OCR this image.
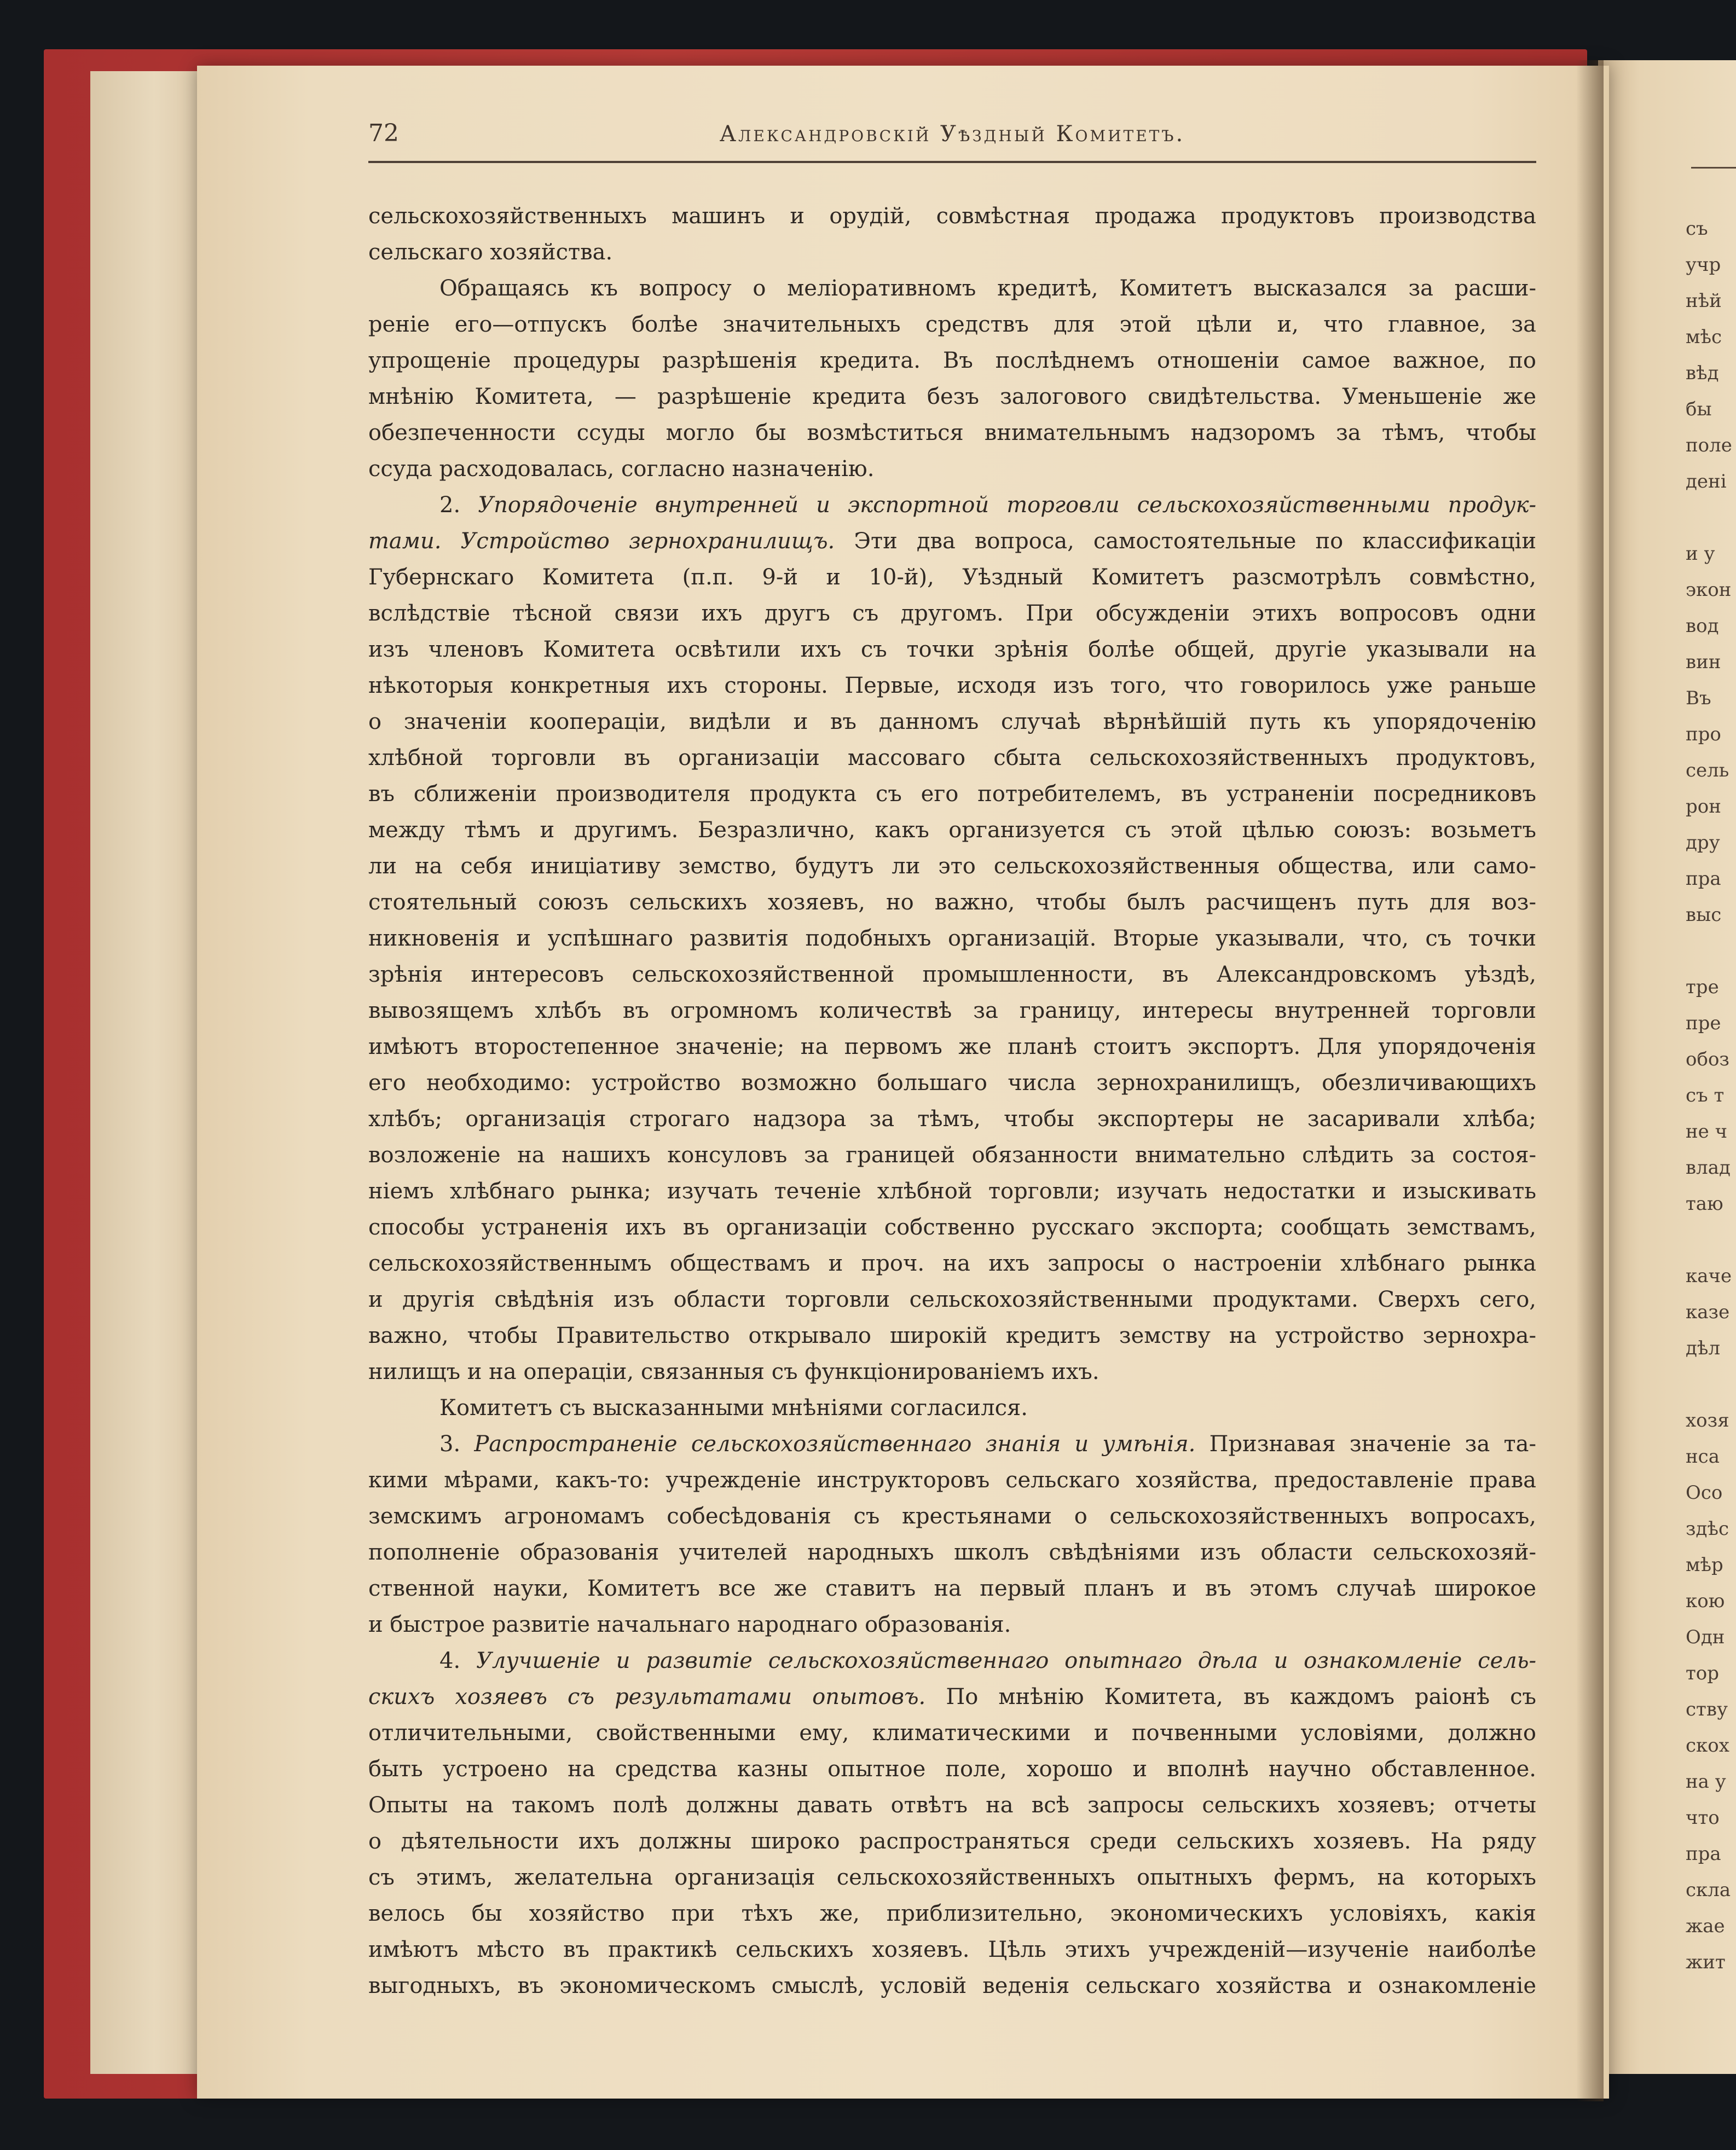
съ
учр
нѣй
мѣс
вѣд
бы
поле
дені
и у
экон
вод
вин
Въ
про
сель
рон
дру
пра
выс
тре
пре
обоз
съ т
не ч
влад
таю
каче
казе
дѣл
хозя
нса
Осо
здѣс
мѣр
кою
Одн
тор
ству
скох
на у
что
пра
скла
жае
жит
72	Александровскій Уѣздный Комитетъ.
сельскохозяйственныхъ машинъ и орудій, совмѣстная продажа продуктовъ производства
сельскаго хозяйства.
Обращаясь къ вопросу о меліоративномъ кредитѣ, Комитетъ высказался за расши-
реніе его—отпускъ болѣе значительныхъ средствъ для этой цѣли и, что главное, за
упрощеніе процедуры разрѣшенія кредита. Въ послѣднемъ отношеніи самое важное, по
мнѣнію Комитета, — разрѣшеніе кредита безъ залогового свидѣтельства. Уменьшеніе же
обезпеченности ссуды могло бы возмѣститься внимательнымъ надзоромъ за тѣмъ, чтобы
ссуда расходовалась, согласно назначенію.
2. Упорядоченіе внутренней и экспортной торговли сельскохозяйственными продук-
тами. Устройство зернохранилищъ. Эти два вопроса, самостоятельные по классификаціи
Губернскаго Комитета (п.п. 9-й и 10-й), Уѣздный Комитетъ разсмотрѣлъ совмѣстно,
вслѣдствіе тѣсной связи ихъ другъ съ другомъ. При обсужденіи этихъ вопросовъ одни
изъ членовъ Комитета освѣтили ихъ съ точки зрѣнія болѣе общей, другіе указывали на
нѣкоторыя конкретныя ихъ стороны. Первые, исходя изъ того, что говорилось уже раньше
о значеніи кооперацiи, видѣли и въ данномъ случаѣ вѣрнѣйшій путь къ упорядоченію
хлѣбной торговли въ организаціи массоваго сбыта сельскохозяйственныхъ продуктовъ,
въ сближеніи производителя продукта съ его потребителемъ, въ устраненіи посредниковъ
между тѣмъ и другимъ. Безразлично, какъ организуется съ этой цѣлью союзъ: возьметъ
ли на себя иниціативу земство, будутъ ли это сельскохозяйственныя общества, или само-
стоятельный союзъ сельскихъ хозяевъ, но важно, чтобы былъ расчищенъ путь для воз-
никновенія и успѣшнаго развитія подобныхъ организацій. Вторые указывали, что, съ точки
зрѣнія интересовъ сельскохозяйственной промышленности, въ Александровскомъ уѣздѣ,
вывозящемъ хлѣбъ въ огромномъ количествѣ за границу, интересы внутренней торговли
имѣютъ второстепенное значеніе; на первомъ же планѣ стоитъ экспортъ. Для упорядоченія
его необходимо: устройство возможно большаго числа зернохранилищъ, обезличивающихъ
хлѣбъ; организація строгаго надзора за тѣмъ, чтобы экспортеры не засаривали хлѣба;
возложеніе на нашихъ консуловъ за границей обязанности внимательно слѣдить за состоя-
ніемъ хлѣбнаго рынка; изучать теченіе хлѣбной торговли; изучать недостатки и изыскивать
способы устраненія ихъ въ организаціи собственно русскаго экспорта; сообщать земствамъ,
сельскохозяйственнымъ обществамъ и проч. на ихъ запросы о настроеніи хлѣбнаго рынка
и другія свѣдѣнія изъ области торговли сельскохозяйственными продуктами. Сверхъ сего,
важно, чтобы Правительство открывало широкій кредитъ земству на устройство зернохра-
нилищъ и на операціи, связанныя съ функціонированіемъ ихъ.
Комитетъ съ высказанными мнѣніями согласился.
3. Распространеніе сельскохозяйственнаго знанія и умѣнія. Признавая значеніе за та-
кими мѣрами, какъ-то: учрежденіе инструкторовъ сельскаго хозяйства, предоставленіе права
земскимъ агрономамъ собесѣдованія съ крестьянами о сельскохозяйственныхъ вопросахъ,
пополненіе образованія учителей народныхъ школъ свѣдѣніями изъ области сельскохозяй-
ственной науки, Комитетъ все же ставитъ на первый планъ и въ этомъ случаѣ широкое
и быстрое развитіе начальнаго народнаго образованія.
4. Улучшеніе и развитіе сельскохозяйственнаго опытнаго дѣла и ознакомленіе сель-
скихъ хозяевъ съ результатами опытовъ. По мнѣнію Комитета, въ каждомъ раіонѣ съ
отличительными, свойственными ему, климатическими и почвенными условіями, должно
быть устроено на средства казны опытное поле, хорошо и вполнѣ научно обставленное.
Опыты на такомъ полѣ должны давать отвѣтъ на всѣ запросы сельскихъ хозяевъ; отчеты
о дѣятельности ихъ должны широко распространяться среди сельскихъ хозяевъ. На ряду
съ этимъ, желательна организація сельскохозяйственныхъ опытныхъ фермъ, на которыхъ
велось бы хозяйство при тѣхъ же, приблизительно, экономическихъ условіяхъ, какія
имѣютъ мѣсто въ практикѣ сельскихъ хозяевъ. Цѣль этихъ учрежденій—изученіе наиболѣе
выгодныхъ, въ экономическомъ смыслѣ, условій веденія сельскаго хозяйства и ознакомленіе
